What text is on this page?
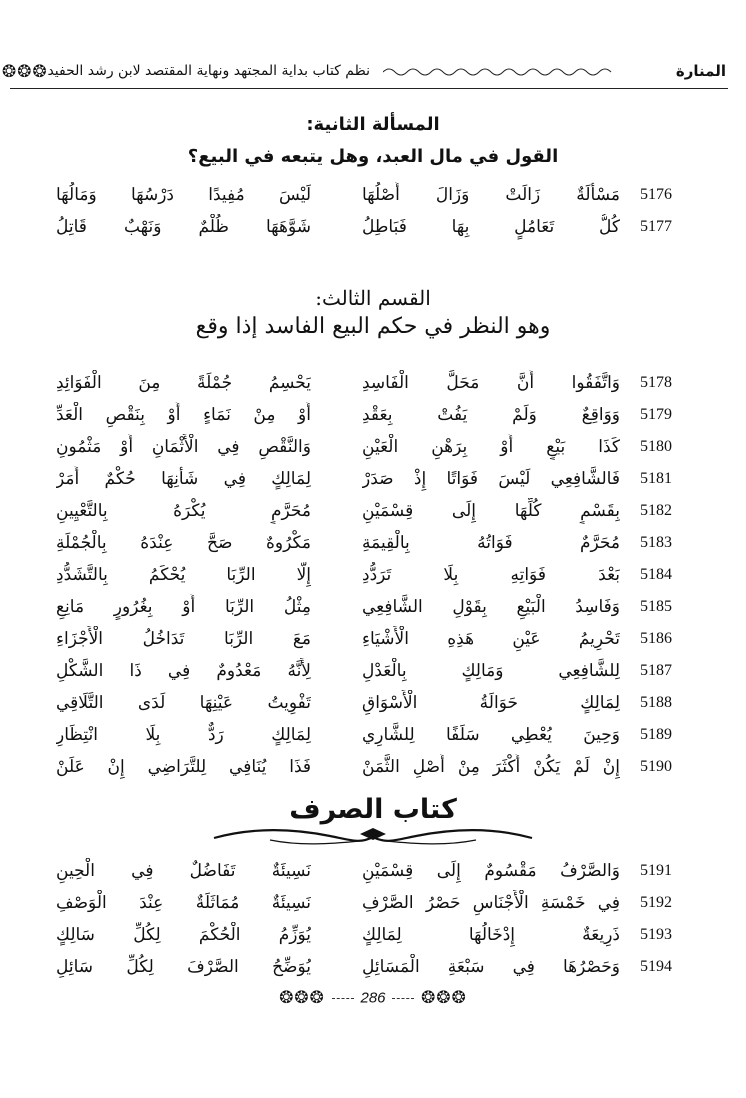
❂❂❂ نظم كتاب بداية المجتهد ونهاية المقتصد لابن رشد الحفيد	المنارة
المسألة الثانية:
القول في مال العبد، وهل يتبعه في البيع؟
5176
مَسْأَلَةٌ زَالَتْ وَزَالَ أَصْلُهَا
لَيْسَ مُفِيدًا دَرْسُهَا وَمَالُهَا
5177
كُلُّ تَعَامُلٍ بِهَا فَبَاطِلُ
شَوَّهَهَا ظُلْمٌ وَنَهْبٌ قَاتِلُ
القسم الثالث:
وهو النظر في حكم البيع الفاسد إذا وقع
5178
وَاتَّفَقُوا أَنَّ مَحَلَّ الْفَاسِدِ
يَحْسِمُ جُمْلَةً مِنَ الْفَوَائِدِ
5179
وَوَاقِعٌ وَلَمْ يَفُتْ بِعَقْدِ
أَوْ مِنْ نَمَاءٍ أَوْ بِنَقْصِ الْعَدِّ
5180
كَذَا بَيْعٍ أَوْ بِرَهْنِ الْعَيْنِ
وَالنَّقْصِ فِي الْأَثْمَانِ أَوْ مَثْمُونِ
5181
فَالشَّافِعِي لَيْسَ فَوَاتًا إِذْ صَدَرْ
لِمَالِكٍ فِي شَأْنِهَا حُكْمٌ أَمَرْ
5182
بِقَسْمٍ كُلِّهَا إِلَى قِسْمَيْنِ
مُحَرَّمٍ يُكْرَهُ بِالتَّعْيِينِ
5183
مُحَرَّمٌ فَوَاتُهُ بِالْقِيمَةِ
مَكْرُوهٌ صَحَّ عِنْدَهُ بِالْجُمْلَةِ
5184
بَعْدَ فَوَاتِهِ بِلَا تَرَدُّدِ
إِلَّا الرِّبَا يُحْكَمُ بِالتَّشَدُّدِ
5185
وَفَاسِدُ الْبَيْعِ بِقَوْلِ الشَّافِعِي
مِثْلُ الرِّبَا أَوْ بِغُرُورٍ مَانِعِ
5186
تَحْرِيمُ عَيْنِ هَذِهِ الْأَشْيَاءِ
مَعَ الرِّبَا تَدَاخُلُ الْأَجْزَاءِ
5187
لِلشَّافِعِي وَمَالِكٍ بِالْعَدْلِ
لِأَنَّهُ مَعْدُومٌ فِي ذَا الشَّكْلِ
5188
لِمَالِكٍ حَوَالَةُ الْأَسْوَاقِ
تَفْوِيتُ عَيْنِهَا لَدَى التَّلَاقِي
5189
وَحِينَ يُعْطِي سَلَفًا لِلشَّارِي
لِمَالِكٍ رَدٌّ بِلَا انْتِظَارِ
5190
إِنْ لَمْ يَكُنْ أَكْثَرَ مِنْ أَصْلِ الثَّمَنْ
فَذَا يُنَافِي لِلتَّرَاضِي إِنْ عَلَنْ
كتاب الصرف
5191
وَالصَّرْفُ مَقْسُومٌ إِلَى قِسْمَيْنِ
نَسِيئَةٌ تَفَاضُلٌ فِي الْحِينِ
5192
فِي خَمْسَةِ الْأَجْنَاسِ حَصْرُ الصَّرْفِ
نَسِيئَةٌ مُمَاثَلَةٌ عِنْدَ الْوَصْفِ
5193
ذَرِيعَةٌ إِدْخَالُهَا لِمَالِكٍ
يُوَزِّمُ الْحُكْمَ لِكُلِّ سَالِكٍ
5194
وَحَصْرُهَا فِي سَبْعَةِ الْمَسَائِلِ
يُوَضِّحُ الصَّرْفَ لِكُلِّ سَائِلِ
❂❂❂ 286 ❂❂❂
